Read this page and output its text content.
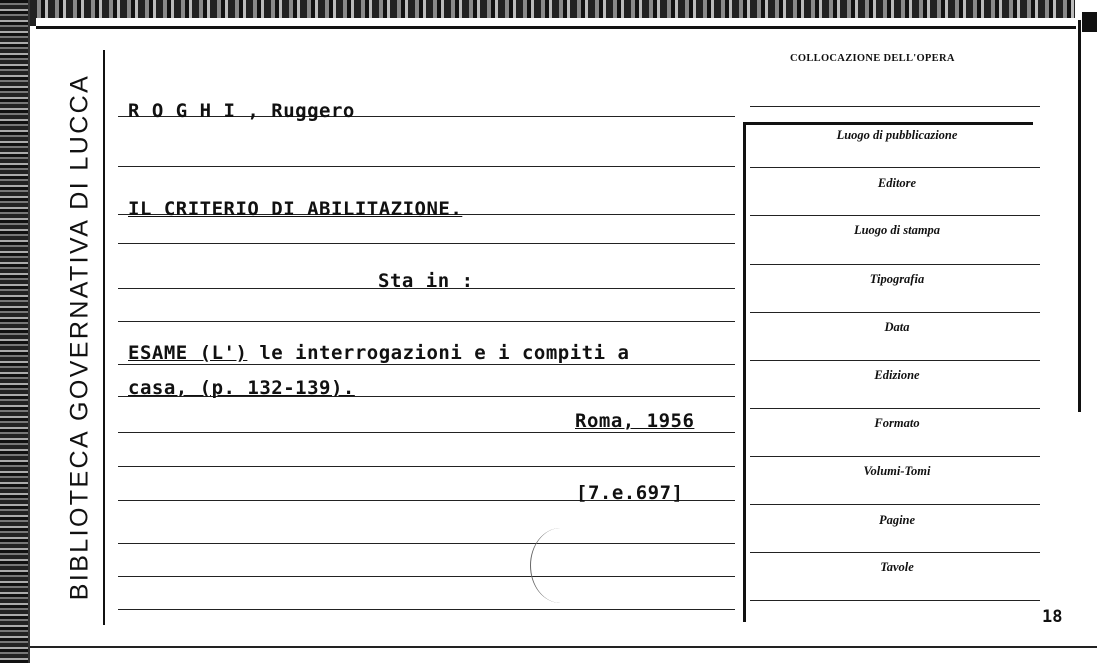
BIBLIOTECA GOVERNATIVA DI LUCCA R O G H I , Ruggero
IL CRITERIO DI ABILITAZIONE.
Sta in :
ESAME (L') le interrogazioni e i compiti a
casa, (p. 132-139).
Roma, 1956
[7.e.697]
COLLOCAZIONE DELL'OPERA
Luogo di pubblicazione
Editore
Luogo di stampa
Tipografia
Data
Edizione
Formato
Volumi-Tomi
Pagine
Tavole
18
